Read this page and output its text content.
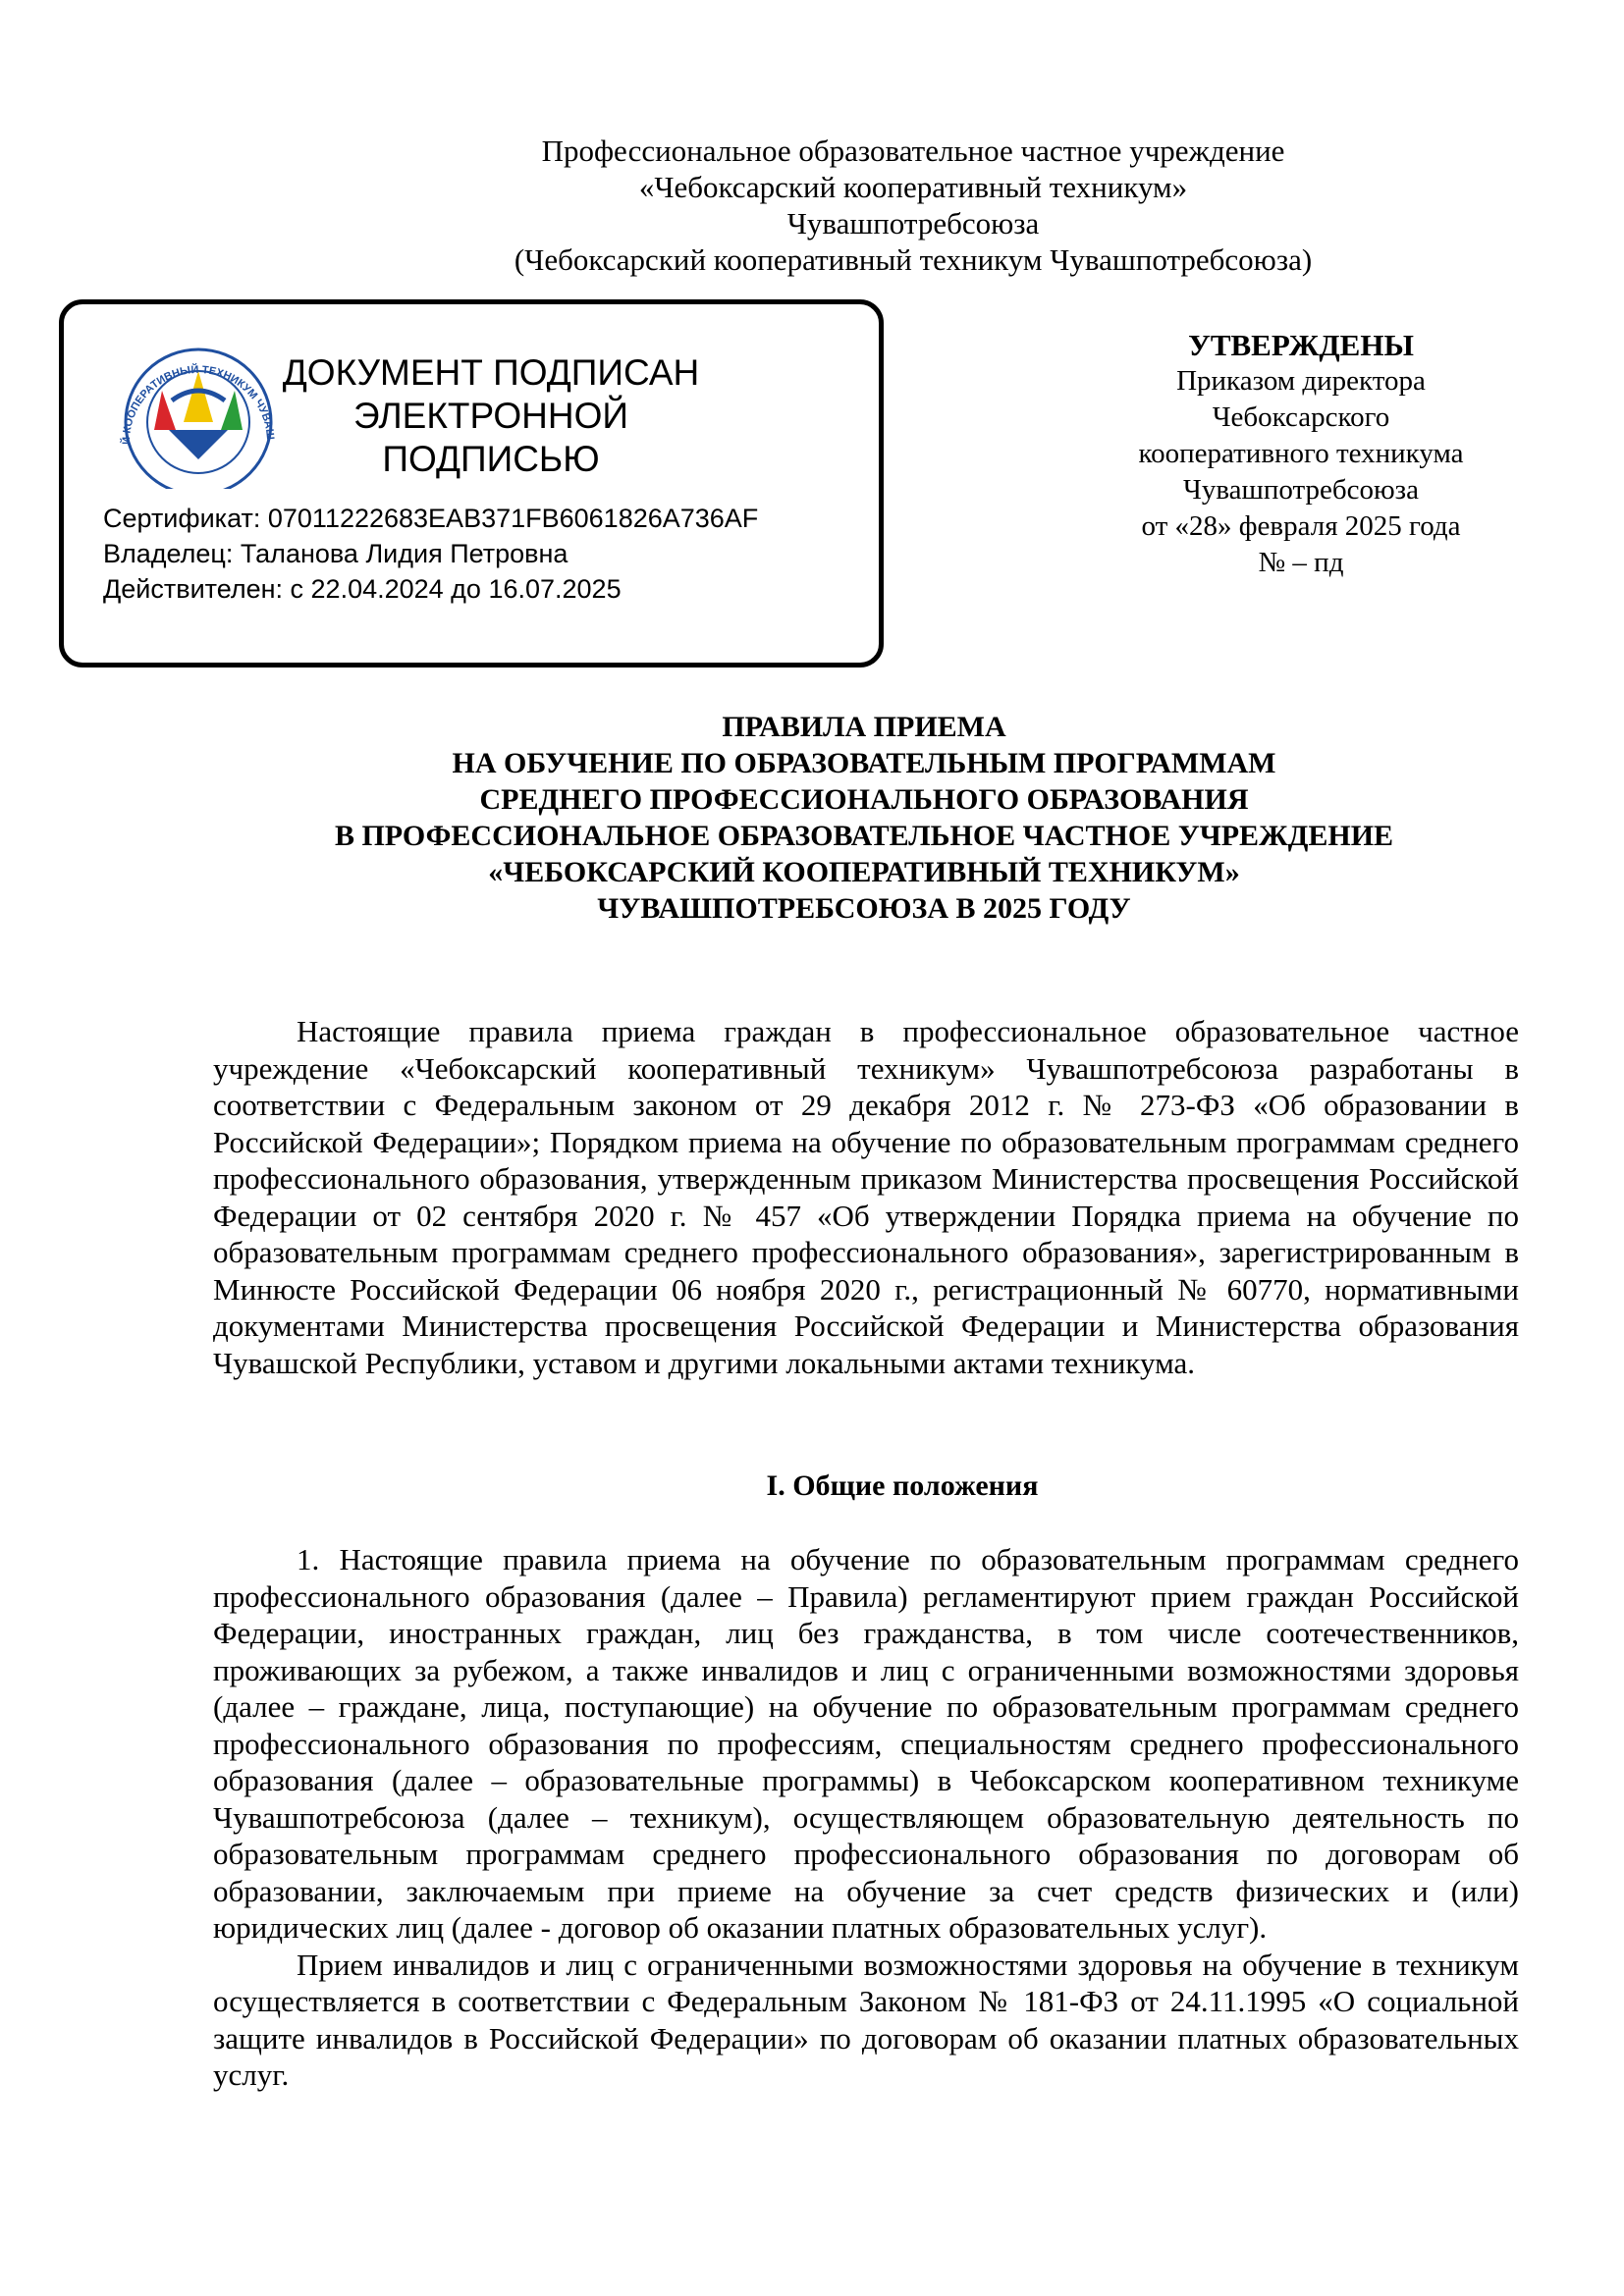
Профессиональное образовательное частное учреждение
«Чебоксарский кооперативный техникум»
Чувашпотребсоюза
(Чебоксарский кооперативный техникум Чувашпотребсоюза)
Й КООПЕРАТИВНЫЙ ТЕХНИКУМ ЧУВАШ
ДОКУМЕНТ ПОДПИСАН
ЭЛЕКТРОННОЙ ПОДПИСЬЮ
Сертификат: 07011222683EAB371FB6061826A736AF
Владелец: Таланова Лидия Петровна
Действителен: с 22.04.2024 до 16.07.2025
УТВЕРЖДЕНЫ
Приказом директора
Чебоксарского
кооперативного техникума
Чувашпотребсоюза
от «28» февраля 2025 года
№ – пд
ПРАВИЛА ПРИЕМА
НА ОБУЧЕНИЕ ПО ОБРАЗОВАТЕЛЬНЫМ ПРОГРАММАМ
СРЕДНЕГО ПРОФЕССИОНАЛЬНОГО ОБРАЗОВАНИЯ
В ПРОФЕССИОНАЛЬНОЕ ОБРАЗОВАТЕЛЬНОЕ ЧАСТНОЕ УЧРЕЖДЕНИЕ
«ЧЕБОКСАРСКИЙ КООПЕРАТИВНЫЙ ТЕХНИКУМ»
ЧУВАШПОТРЕБСОЮЗА В 2025 ГОДУ

Настоящие правила приема граждан в профессиональное образовательное частное учреждение «Чебоксарский кооперативный техникум» Чувашпотребсоюза разработаны в соответствии с Федеральным законом от 29 декабря 2012 г. № 273-ФЗ «Об образовании в Российской Федерации»; Порядком приема на обучение по образовательным программам среднего профессионального образования, утвержденным приказом Министерства просвещения Российской Федерации от 02 сентября 2020 г. № 457 «Об утверждении Порядка приема на обучение по образовательным программам среднего профессионального образования», зарегистрированным в Минюсте Российской Федерации 06 ноября 2020 г., регистрационный № 60770, нормативными документами Министерства просвещения Российской Федерации и Министерства образования Чувашской Республики, уставом и другими локальными актами техникума.

I. Общие положения

1. Настоящие правила приема на обучение по образовательным программам среднего профессионального образования (далее – Правила) регламентируют прием граждан Российской Федерации, иностранных граждан, лиц без гражданства, в том числе соотечественников, проживающих за рубежом, а также инвалидов и лиц с ограниченными возможностями здоровья (далее – граждане, лица, поступающие) на обучение по образовательным программам среднего профессионального образования по профессиям, специальностям среднего профессионального образования (далее – образовательные программы) в Чебоксарском кооперативном техникуме Чувашпотребсоюза (далее – техникум), осуществляющем образовательную деятельность по образовательным программам среднего профессионального образования по договорам об образовании, заключаемым при приеме на обучение за счет средств физических и (или) юридических лиц (далее - договор об оказании платных образовательных услуг).

Прием инвалидов и лиц с ограниченными возможностями здоровья на обучение в техникум осуществляется в соответствии с Федеральным Законом № 181-ФЗ от 24.11.1995 «О социальной защите инвалидов в Российской Федерации» по договорам об оказании платных образовательных услуг.
